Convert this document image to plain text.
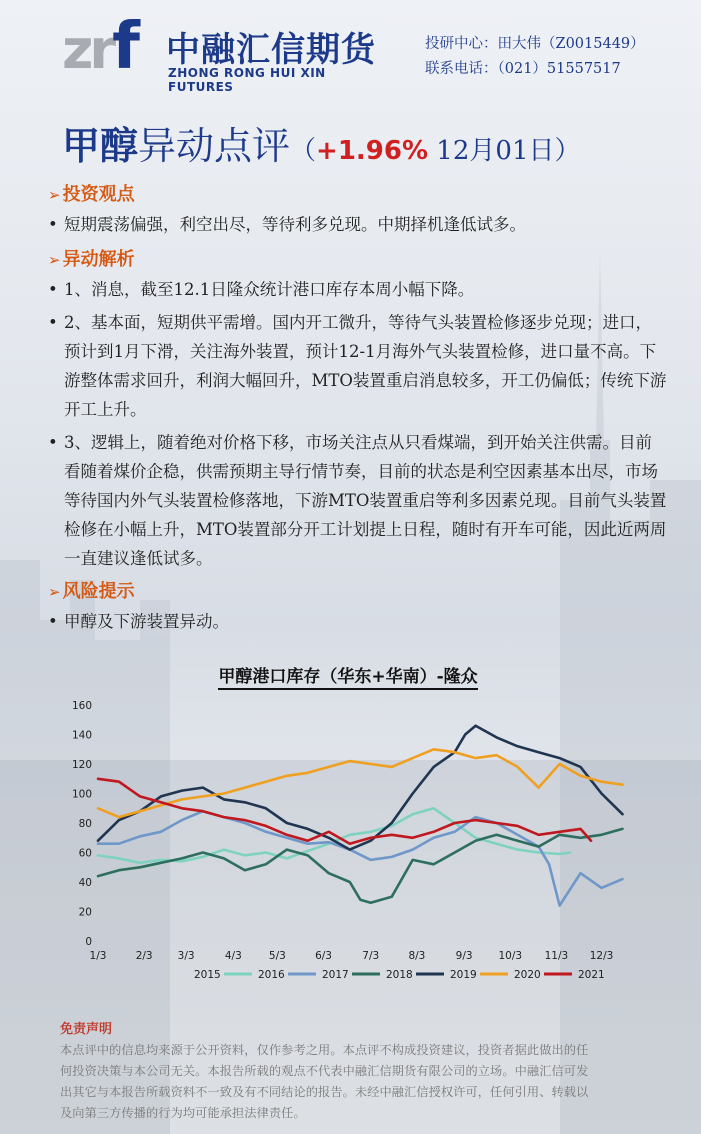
zrf 中融汇信期货
ZHONG RONG HUI XIN FUTURES
投研中心：田大伟（Z0015449）
联系电话：（021）51557517
甲醇异动点评（+1.96% 12月01日）
➢ 投资观点
• 短期震荡偏强，利空出尽，等待利多兑现。中期择机逢低试多。
➢ 异动解析
• 1、消息，截至12.1日隆众统计港口库存本周小幅下降。
• 2、基本面，短期供平需增。国内开工微升，等待气头装置检修逐步兑现；进口，预计到1月下滑，关注海外装置，预计12-1月海外气头装置检修，进口量不高。下游整体需求回升，利润大幅回升，MTO装置重启消息较多，开工仍偏低；传统下游开工上升。
• 3、逻辑上，随着绝对价格下移，市场关注点从只看煤端，到开始关注供需。目前看随着煤价企稳，供需预期主导行情节奏，目前的状态是利空因素基本出尽，市场等待国内外气头装置检修落地，下游MTO装置重启等利多因素兑现。目前气头装置检修在小幅上升，MTO装置部分开工计划提上日程，随时有开车可能，因此近两周一直建议逢低试多。
➢ 风险提示
• 甲醇及下游装置异动。
甲醇港口库存（华东+华南）-隆众
0
20
40
60
80
100
120
140
160
1/3	2/3 3/3	4/3	5/3	6/3	7/3	8/3	9/3 10/3 11/3 12/3
2015	2016	2017	2018	2019	2020	2021
免责声明
本点评中的信息均来源于公开资料，仅作参考之用。本点评不构成投资建议，投资者据此做出的任
何投资决策与本公司无关。本报告所载的观点不代表中融汇信期货有限公司的立场。中融汇信可发
出其它与本报告所载资料不一致及有不同结论的报告。未经中融汇信授权许可，任何引用、转载以
及向第三方传播的行为均可能承担法律责任。
